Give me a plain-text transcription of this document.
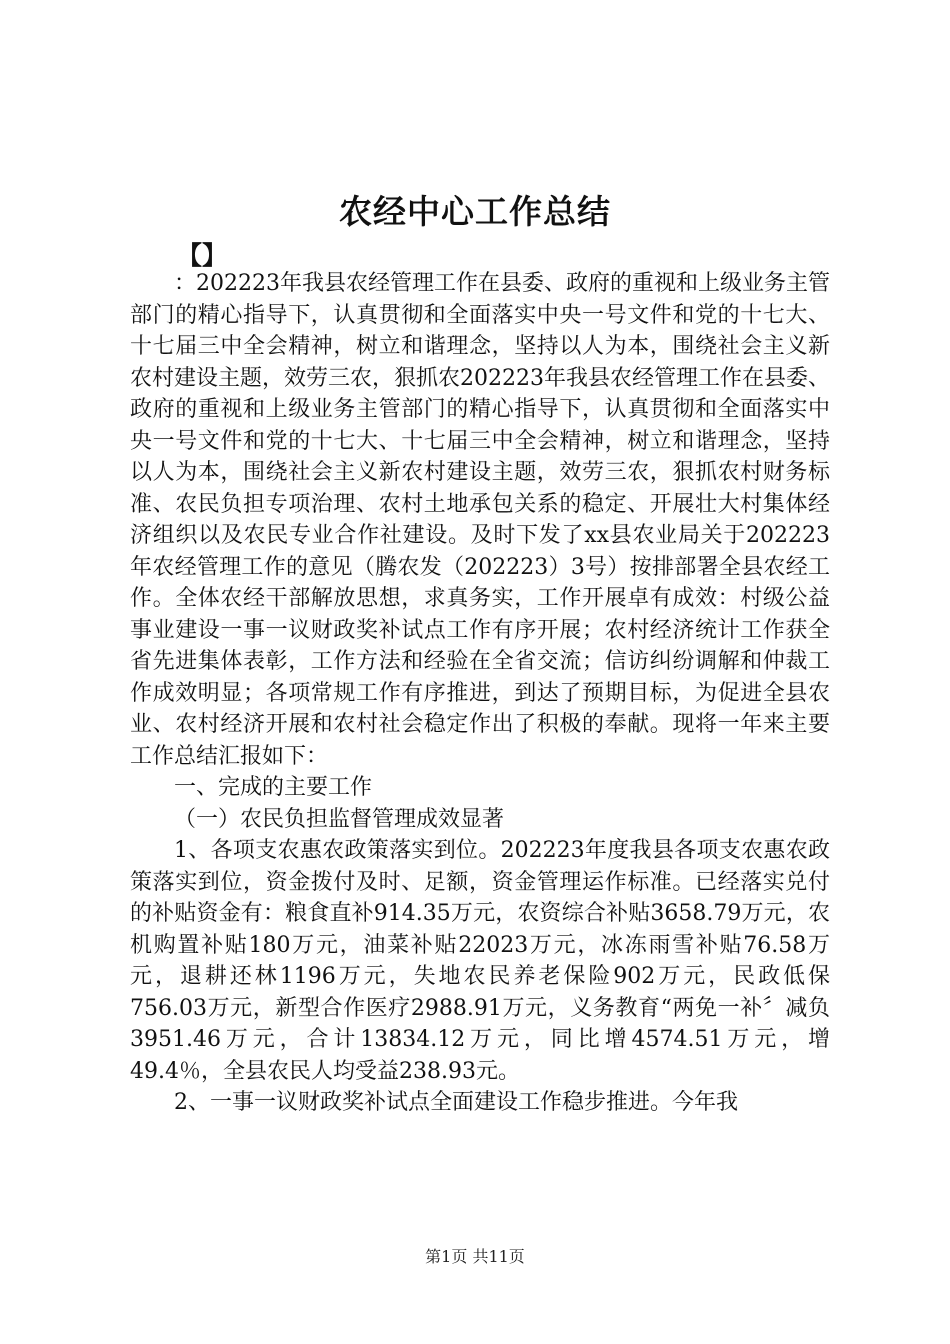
农经中心工作总结
【】

：202223年我县农经管理工作在县委、政府的重视和上级业务主管部门的精心指导下，认真贯彻和全面落实中央一号文件和党的十七大、十七届三中全会精神，树立和谐理念，坚持以人为本，围绕社会主义新农村建设主题，效劳三农，狠抓农202223年我县农经管理工作在县委、政府的重视和上级业务主管部门的精心指导下，认真贯彻和全面落实中央一号文件和党的十七大、十七届三中全会精神，树立和谐理念，坚持以人为本，围绕社会主义新农村建设主题，效劳三农，狠抓农村财务标准、农民负担专项治理、农村土地承包关系的稳定、开展壮大村集体经济组织以及农民专业合作社建设。及时下发了xx县农业局关于202223年农经管理工作的意见（腾农发（202223）3号）按排部署全县农经工作。全体农经干部解放思想，求真务实，工作开展卓有成效：村级公益事业建设一事一议财政奖补试点工作有序开展；农村经济统计工作获全省先进集体表彰，工作方法和经验在全省交流；信访纠纷调解和仲裁工作成效明显；各项常规工作有序推进，到达了预期目标，为促进全县农业、农村经济开展和农村社会稳定作出了积极的奉献。现将一年来主要工作总结汇报如下：

一、完成的主要工作

（一）农民负担监督管理成效显著

1、各项支农惠农政策落实到位。202223年度我县各项支农惠农政策落实到位，资金拨付及时、足额，资金管理运作标准。已经落实兑付的补贴资金有：粮食直补914.35万元，农资综合补贴3658.79万元，农机购置补贴180万元，油菜补贴22023万元，冰冻雨雪补贴76.58万元，退耕还林1196万元，失地农民养老保险902万元，民政低保756.03万元，新型合作医疗2988.91万元，义务教育“两免一补〞减负3951.46万元，合计13834.12万元，同比增4574.51万元，增49.4％，全县农民人均受益238.93元。

2、一事一议财政奖补试点全面建设工作稳步推进。今年我

第1页 共11页
